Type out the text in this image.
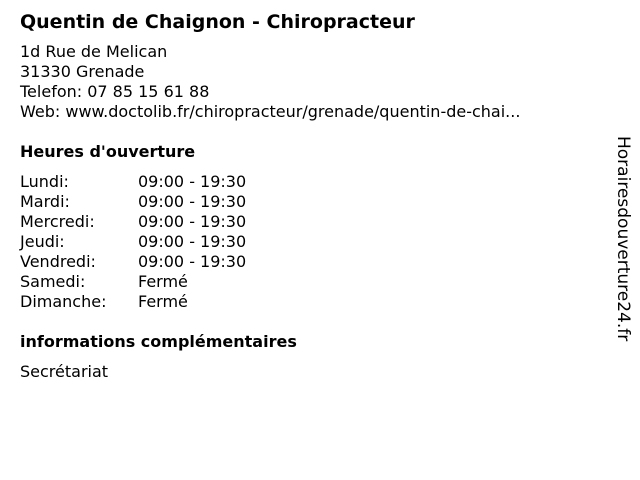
Quentin de Chaignon - Chiropracteur
1d Rue de Melican
31330 Grenade
Telefon: 07 85 15 61 88
Web: www.doctolib.fr/chiropracteur/grenade/quentin-de-chai...
Heures d'ouverture
Lundi:	09:00 - 19:30
Mardi:	09:00 - 19:30
Mercredi:	09:00 - 19:30
Jeudi:	09:00 - 19:30
Vendredi:	09:00 - 19:30
Samedi:	Fermé
Dimanche:	Fermé
informations complémentaires
Secrétariat
Horairesdouverture24.fr
